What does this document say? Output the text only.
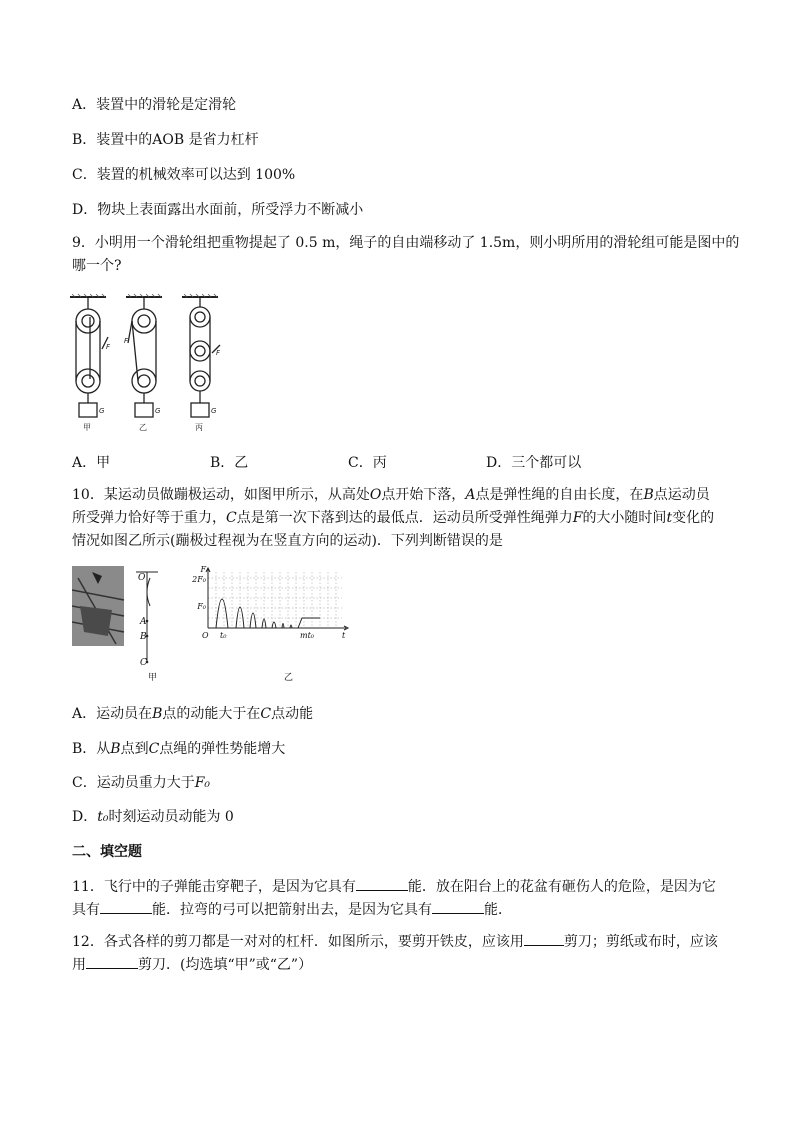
A．装置中的滑轮是定滑轮
B．装置中的AOB 是省力杠杆
C．装置的机械效率可以达到 100%
D．物块上表面露出水面前，所受浮力不断减小
9．小明用一个滑轮组把重物提起了 0.5 m，绳子的自由端移动了 1.5m，则小明所用的滑轮组可能是图中的
哪一个?
F
F
F
G	G	G
甲	乙	丙
A．甲	B．乙	C．丙	D．三个都可以
10．某运动员做蹦极运动，如图甲所示，从高处O点开始下落，A点是弹性绳的自由长度，在B点运动员所受弹力恰好等于重力，C点是第一次下落到达的最低点．运动员所受弹性绳弹力F的大小随时间t变化的情况如图乙所示(蹦极过程视为在竖直方向的运动)．下列判断错误的是
O
A
B
C
甲
F
2F₀
F₀
O t₀	mt₀	t
乙
A．运动员在B点的动能大于在C点动能
B．从B点到C点绳的弹性势能增大
C．运动员重力大于F₀
D．t₀时刻运动员动能为 0
二、填空题
11．飞行中的子弹能击穿靶子，是因为它具有	能．放在阳台上的花盆有砸伤人的危险，是因为它具有	能．拉弯的弓可以把箭射出去，是因为它具有	能．
12．各式各样的剪刀都是一对对的杠杆．如图所示，要剪开铁皮，应该用	剪刀；剪纸或布时，应该用	剪刀．(均选填“甲”或“乙”）
